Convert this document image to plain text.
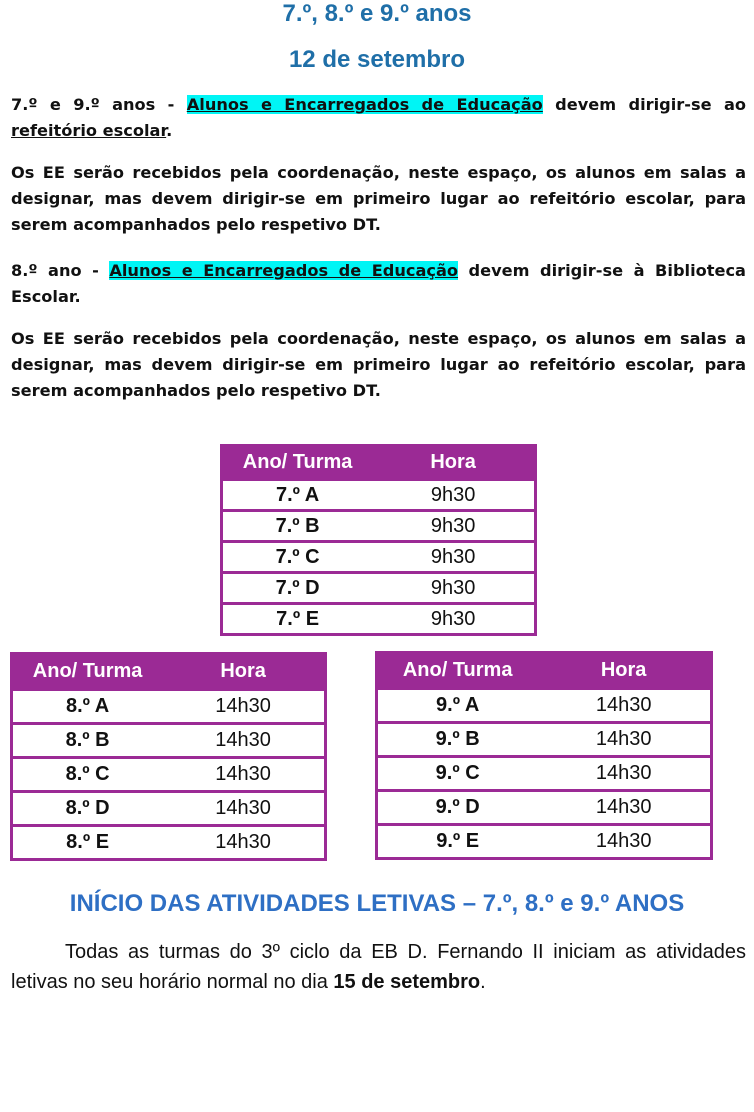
7.º, 8.º e 9.º anos
12 de setembro
7.º e 9.º anos - Alunos e Encarregados de Educação devem dirigir-se ao refeitório escolar.
Os EE serão recebidos pela coordenação, neste espaço, os alunos em salas a designar, mas devem dirigir-se em primeiro lugar ao refeitório escolar, para serem acompanhados pelo respetivo DT.
8.º ano - Alunos e Encarregados de Educação devem dirigir-se à Biblioteca Escolar.
Os EE serão recebidos pela coordenação, neste espaço, os alunos em salas a designar, mas devem dirigir-se em primeiro lugar ao refeitório escolar, para serem acompanhados pelo respetivo DT.
Ano/ Turma	Hora
7.º A	9h30
7.º B	9h30
7.º C	9h30
7.º D	9h30
7.º E	9h30
Ano/ Turma	Hora
8.º A	14h30
8.º B	14h30
8.º C	14h30
8.º D	14h30
8.º E	14h30
Ano/ Turma	Hora
9.º A	14h30
9.º B	14h30
9.º C	14h30
9.º D	14h30
9.º E	14h30
INÍCIO DAS ATIVIDADES LETIVAS – 7.º, 8.º e 9.º ANOS
Todas as turmas do 3º ciclo da EB D. Fernando II iniciam as atividades letivas no seu horário normal no dia 15 de setembro.
